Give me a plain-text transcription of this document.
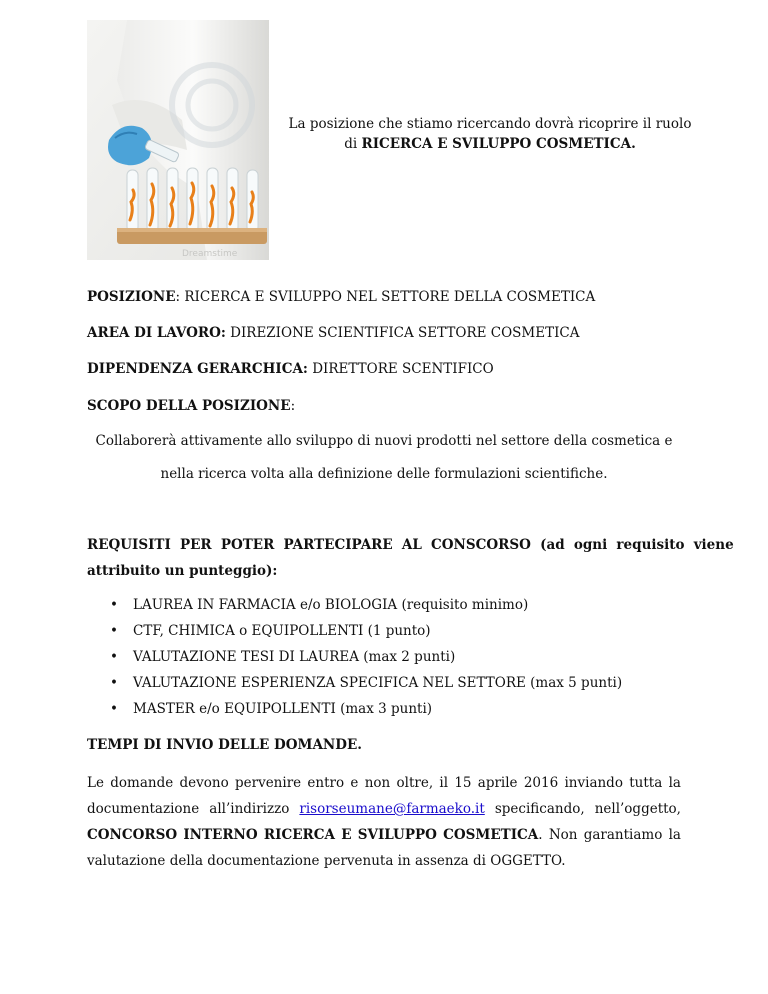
Dreamstime
La posizione che stiamo ricercando dovrà ricoprire il ruolo
di RICERCA E SVILUPPO COSMETICA.
POSIZIONE: RICERCA E SVILUPPO NEL SETTORE DELLA COSMETICA
AREA DI LAVORO: DIREZIONE SCIENTIFICA SETTORE COSMETICA
DIPENDENZA GERARCHICA: DIRETTORE SCENTIFICO
SCOPO DELLA POSIZIONE:
Collaborerà attivamente allo sviluppo di nuovi prodotti nel settore della cosmetica e
nella ricerca volta alla definizione delle formulazioni scientifiche.
REQUISITI PER POTER PARTECIPARE AL CONSCORSO (ad ogni requisito viene
attribuito un punteggio):
• LAUREA IN FARMACIA e/o BIOLOGIA (requisito minimo)
• CTF, CHIMICA o EQUIPOLLENTI (1 punto)
• VALUTAZIONE TESI DI LAUREA (max 2 punti)
• VALUTAZIONE ESPERIENZA SPECIFICA NEL SETTORE (max 5 punti)
• MASTER e/o EQUIPOLLENTI (max 3 punti)
TEMPI DI INVIO DELLE DOMANDE.
Le domande devono pervenire entro e non oltre, il 15 aprile 2016 inviando tutta la
documentazione all’indirizzo risorseumane@farmaeko.it specificando, nell’oggetto,
CONCORSO INTERNO RICERCA E SVILUPPO COSMETICA. Non garantiamo la
valutazione della documentazione pervenuta in assenza di OGGETTO.
